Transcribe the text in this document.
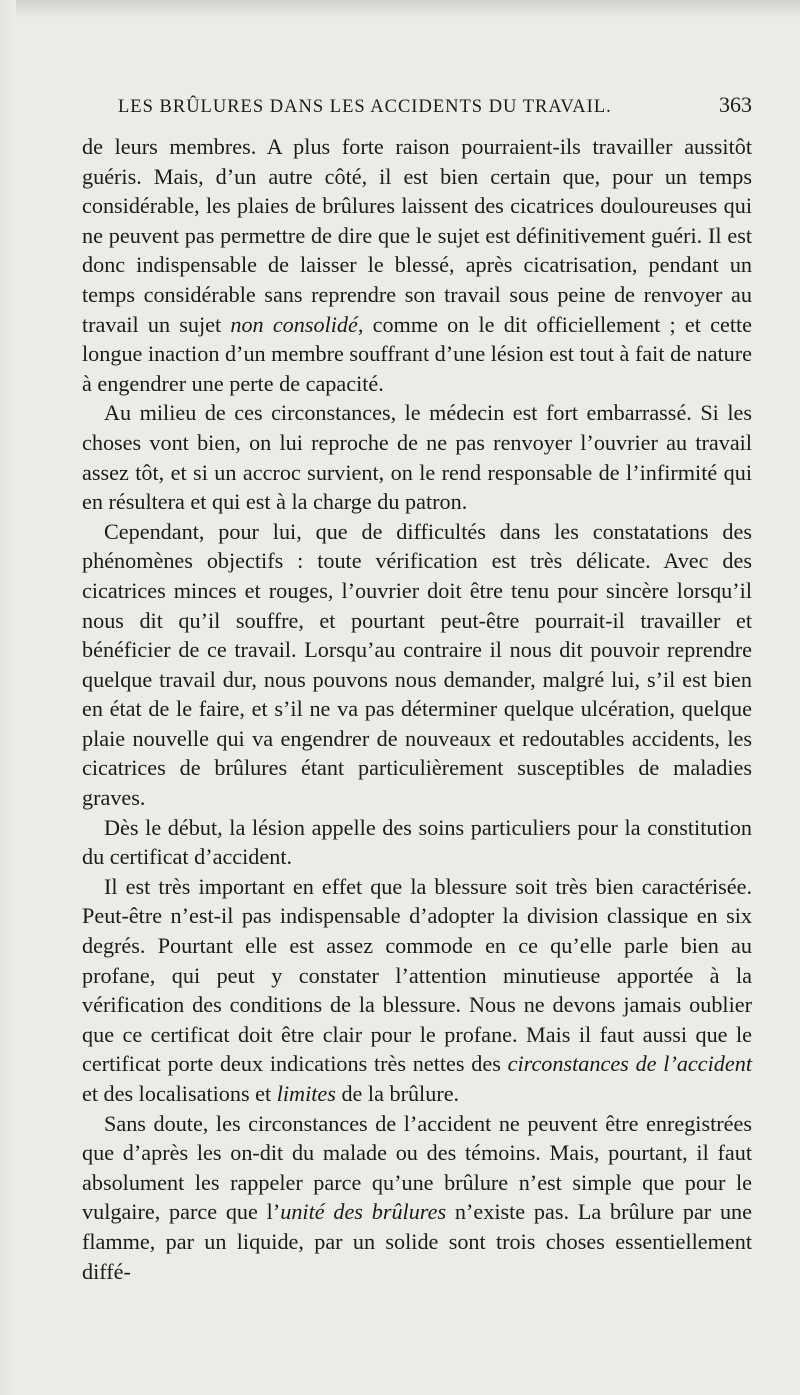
LES BRÛLURES DANS LES ACCIDENTS DU TRAVAIL.	363

de leurs membres. A plus forte raison pourraient-ils travailler aussitôt guéris. Mais, d’un autre côté, il est bien certain que, pour un temps considérable, les plaies de brûlures laissent des cicatrices douloureuses qui ne peuvent pas permettre de dire que le sujet est définitivement guéri. Il est donc indispensable de laisser le blessé, après cicatrisation, pendant un temps considérable sans reprendre son travail sous peine de renvoyer au travail un sujet non consolidé, comme on le dit officiellement ; et cette longue inaction d’un membre souffrant d’une lésion est tout à fait de nature à engendrer une perte de capacité.

Au milieu de ces circonstances, le médecin est fort embarrassé. Si les choses vont bien, on lui reproche de ne pas renvoyer l’ouvrier au travail assez tôt, et si un accroc survient, on le rend responsable de l’infirmité qui en résultera et qui est à la charge du patron.

Cependant, pour lui, que de difficultés dans les constatations des phénomènes objectifs : toute vérification est très délicate. Avec des cicatrices minces et rouges, l’ouvrier doit être tenu pour sincère lorsqu’il nous dit qu’il souffre, et pourtant peut-être pourrait-il travailler et bénéficier de ce travail. Lorsqu’au contraire il nous dit pouvoir reprendre quelque travail dur, nous pouvons nous demander, malgré lui, s’il est bien en état de le faire, et s’il ne va pas déterminer quelque ulcération, quelque plaie nouvelle qui va engendrer de nouveaux et redoutables accidents, les cicatrices de brûlures étant particulièrement susceptibles de maladies graves.

Dès le début, la lésion appelle des soins particuliers pour la constitution du certificat d’accident.

Il est très important en effet que la blessure soit très bien caractérisée. Peut-être n’est-il pas indispensable d’adopter la division classique en six degrés. Pourtant elle est assez commode en ce qu’elle parle bien au profane, qui peut y constater l’attention minutieuse apportée à la vérification des conditions de la blessure. Nous ne devons jamais oublier que ce certificat doit être clair pour le profane. Mais il faut aussi que le certificat porte deux indications très nettes des circonstances de l’accident et des localisations et limites de la brûlure.

Sans doute, les circonstances de l’accident ne peuvent être enregistrées que d’après les on-dit du malade ou des témoins. Mais, pourtant, il faut absolument les rappeler parce qu’une brûlure n’est simple que pour le vulgaire, parce que l’unité des brûlures n’existe pas. La brûlure par une flamme, par un liquide, par un solide sont trois choses essentiellement diffé-
